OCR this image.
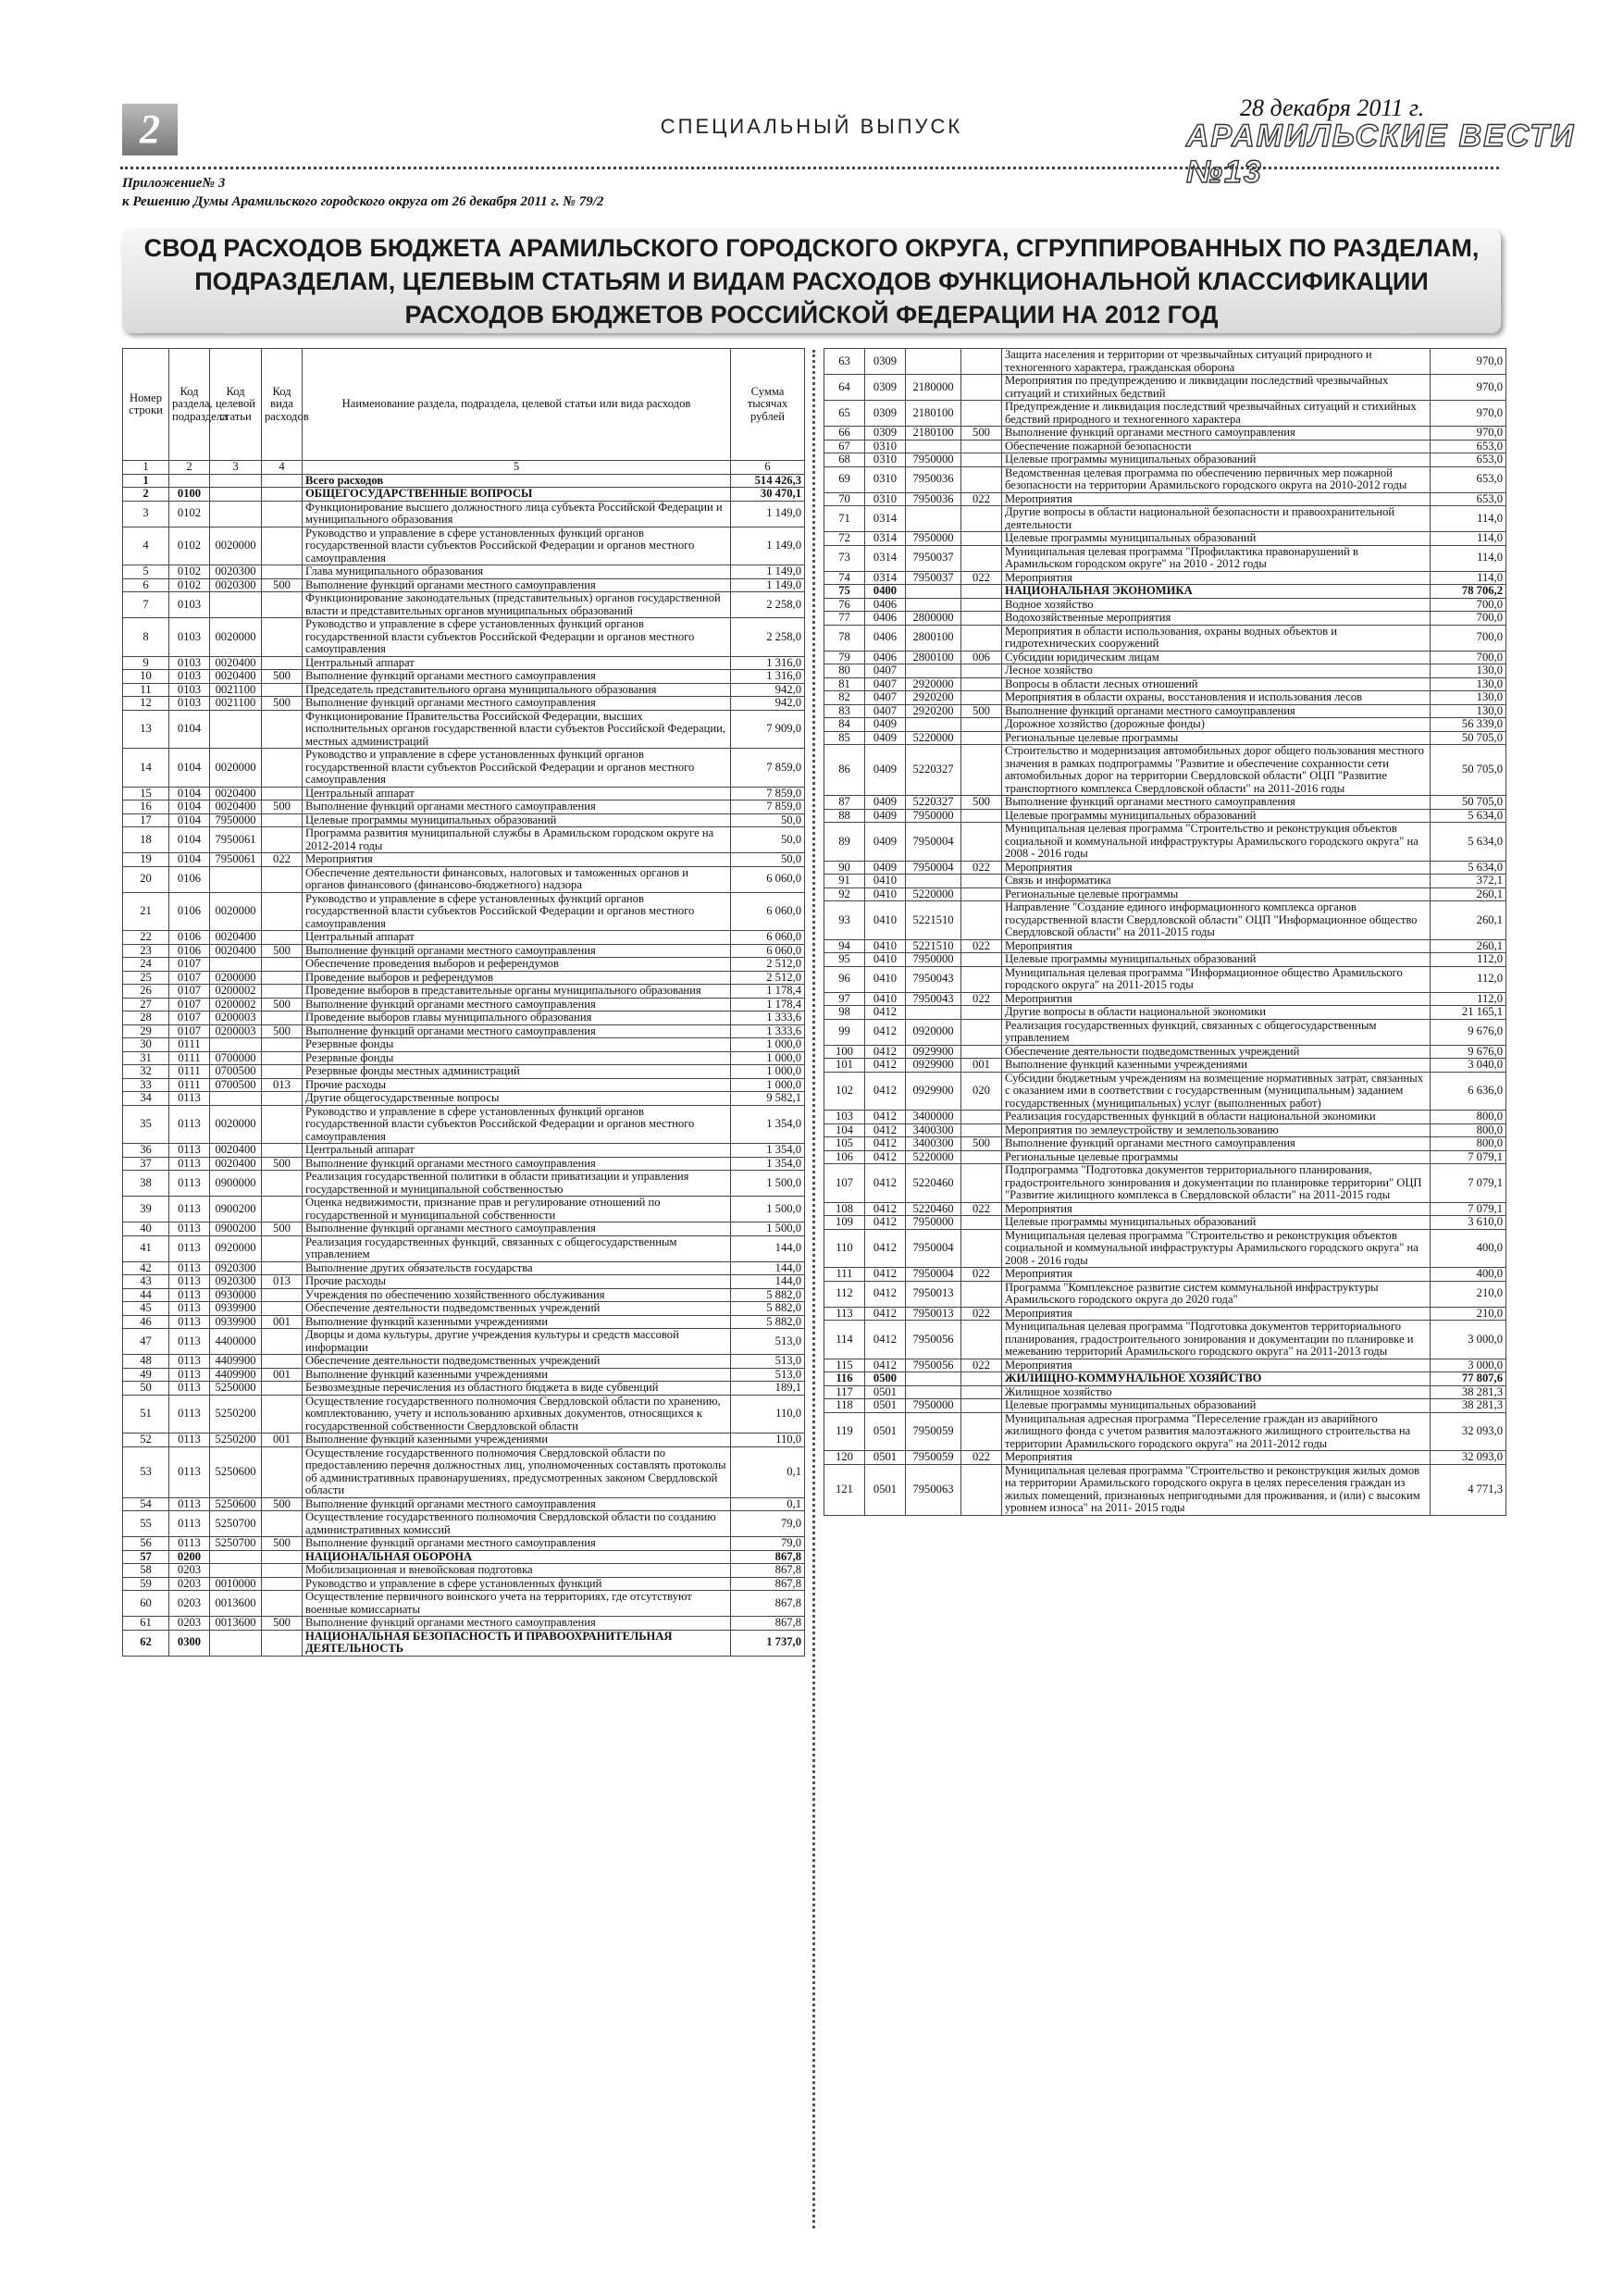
2	СПЕЦИАЛЬНЫЙ ВЫПУСК
28 декабря 2011 г.
АРАМИЛЬСКИЕ ВЕСТИ №13
Приложение№ 3
к Решению Думы Арамильского городского округа от 26 декабря 2011 г. № 79/2
СВОД РАСХОДОВ БЮДЖЕТА АРАМИЛЬСКОГО ГОРОДСКОГО ОКРУГА, СГРУППИРОВАННЫХ ПО РАЗДЕЛАМ, ПОДРАЗДЕЛАМ, ЦЕЛЕВЫМ СТАТЬЯМ И ВИДАМ РАСХОДОВ ФУНКЦИОНАЛЬНОЙ КЛАССИФИКАЦИИ РАСХОДОВ БЮДЖЕТОВ РОССИЙСКОЙ ФЕДЕРАЦИИ НА 2012 ГОД
Номер строки	Код раздела, подраздела	Код целевой статьи	Код вида расходов	Наименование раздела, подраздела, целевой статьи или вида расходов	Сумма тысячах рублей
1	2	3	4	5	6
1				Всего расходов	514 426,3
2	0100			ОБЩЕГОСУДАРСТВЕННЫЕ ВОПРОСЫ	30 470,1
3	0102			Функционирование высшего должностного лица субъекта Российской Федерации и муниципального образования	1 149,0
4	0102	0020000		Руководство и управление в сфере установленных функций органов государственной власти субъектов Российской Федерации и органов местного самоуправления	1 149,0
5	0102	0020300		Глава муниципального образования	1 149,0
6	0102	0020300	500	Выполнение функций органами местного самоуправления	1 149,0
7	0103			Функционирование законодательных (представительных) органов государственной власти и представительных органов муниципальных образований	2 258,0
8	0103	0020000		Руководство и управление в сфере установленных функций органов государственной власти субъектов Российской Федерации и органов местного самоуправления	2 258,0
9	0103	0020400		Центральный аппарат	1 316,0
10	0103	0020400	500	Выполнение функций органами местного самоуправления	1 316,0
11	0103	0021100		Председатель представительного органа муниципального образования	942,0
12	0103	0021100	500	Выполнение функций органами местного самоуправления	942,0
13	0104			Функционирование Правительства Российской Федерации, высших исполнительных органов государственной власти субъектов Российской Федерации, местных администраций	7 909,0
14	0104	0020000		Руководство и управление в сфере установленных функций органов государственной власти субъектов Российской Федерации и органов местного самоуправления	7 859,0
15	0104	0020400		Центральный аппарат	7 859,0
16	0104	0020400	500	Выполнение функций органами местного самоуправления	7 859,0
17	0104	7950000		Целевые программы муниципальных образований	50,0
18	0104	7950061		Программа развития муниципальной службы в Арамильском городском округе на 2012-2014 годы	50,0
19	0104	7950061	022	Мероприятия	50,0
20	0106			Обеспечение деятельности финансовых, налоговых и таможенных органов и органов финансового (финансово-бюджетного) надзора	6 060,0
21	0106	0020000		Руководство и управление в сфере установленных функций органов государственной власти субъектов Российской Федерации и органов местного самоуправления	6 060,0
22	0106	0020400		Центральный аппарат	6 060,0
23	0106	0020400	500	Выполнение функций органами местного самоуправления	6 060,0
24	0107			Обеспечение проведения выборов и референдумов	2 512,0
25	0107	0200000		Проведение выборов и референдумов	2 512,0
26	0107	0200002		Проведение выборов в представительные органы муниципального образования	1 178,4
27	0107	0200002	500	Выполнение функций органами местного самоуправления	1 178,4
28	0107	0200003		Проведение выборов главы муниципального образования	1 333,6
29	0107	0200003	500	Выполнение функций органами местного самоуправления	1 333,6
30	0111			Резервные фонды	1 000,0
31	0111	0700000		Резервные фонды	1 000,0
32	0111	0700500		Резервные фонды местных администраций	1 000,0
33	0111	0700500	013	Прочие расходы	1 000,0
34	0113			Другие общегосударственные вопросы	9 582,1
35	0113	0020000		Руководство и управление в сфере установленных функций органов государственной власти субъектов Российской Федерации и органов местного самоуправления	1 354,0
36	0113	0020400		Центральный аппарат	1 354,0
37	0113	0020400	500	Выполнение функций органами местного самоуправления	1 354,0
38	0113	0900000		Реализация государственной политики в области приватизации и управления государственной и муниципальной собственностью	1 500,0
39	0113	0900200		Оценка недвижимости, признание прав и регулирование отношений по государственной и муниципальной собственности	1 500,0
40	0113	0900200	500	Выполнение функций органами местного самоуправления	1 500,0
41	0113	0920000		Реализация государственных функций, связанных с общегосударственным управлением	144,0
42	0113	0920300		Выполнение других обязательств государства	144,0
43	0113	0920300	013	Прочие расходы	144,0
44	0113	0930000		Учреждения по обеспечению хозяйственного обслуживания	5 882,0
45	0113	0939900		Обеспечение деятельности подведомственных учреждений	5 882,0
46	0113	0939900	001	Выполнение функций казенными учреждениями	5 882,0
47	0113	4400000		Дворцы и дома культуры, другие учреждения культуры и средств массовой информации	513,0
48	0113	4409900		Обеспечение деятельности подведомственных учреждений	513,0
49	0113	4409900	001	Выполнение функций казенными учреждениями	513,0
50	0113	5250000		Безвозмездные перечисления из областного бюджета в виде субвенций	189,1
51	0113	5250200		Осуществление государственного полномочия Свердловской области по хранению, комплектованию, учету и использованию архивных документов, относящихся к государственной собственности Свердловской области	110,0
52	0113	5250200	001	Выполнение функций казенными учреждениями	110,0
53	0113	5250600		Осуществление государственного полномочия Свердловской области по предоставлению перечня должностных лиц, уполномоченных составлять протоколы об административных правонарушениях, предусмотренных законом Свердловской области	0,1
54	0113	5250600	500	Выполнение функций органами местного самоуправления	0,1
55	0113	5250700		Осуществление государственного полномочия Свердловской области по созданию административных комиссий	79,0
56	0113	5250700	500	Выполнение функций органами местного самоуправления	79,0
57	0200			НАЦИОНАЛЬНАЯ ОБОРОНА	867,8
58	0203			Мобилизационная и вневойсковая подготовка	867,8
59	0203	0010000		Руководство и управление в сфере установленных функций	867,8
60	0203	0013600		Осуществление первичного воинского учета на территориях, где отсутствуют военные комиссариаты	867,8
61	0203	0013600	500	Выполнение функций органами местного самоуправления	867,8
62	0300			НАЦИОНАЛЬНАЯ БЕЗОПАСНОСТЬ И ПРАВООХРАНИТЕЛЬНАЯ ДЕЯТЕЛЬНОСТЬ	1 737,0
63	0309			Защита населения и территории от чрезвычайных ситуаций природного и техногенного характера, гражданская оборона	970,0
64	0309	2180000		Мероприятия по предупреждению и ликвидации последствий чрезвычайных ситуаций и стихийных бедствий	970,0
65	0309	2180100		Предупреждение и ликвидация последствий чрезвычайных ситуаций и стихийных бедствий природного и техногенного характера	970,0
66	0309	2180100	500	Выполнение функций органами местного самоуправления	970,0
67	0310			Обеспечение пожарной безопасности	653,0
68	0310	7950000		Целевые программы муниципальных образований	653,0
69	0310	7950036		Ведомственная целевая программа по обеспечению первичных мер пожарной безопасности на территории Арамильского городского округа на 2010-2012 годы	653,0
70	0310	7950036	022	Мероприятия	653,0
71	0314			Другие вопросы в области национальной безопасности и правоохранительной деятельности	114,0
72	0314	7950000		Целевые программы муниципальных образований	114,0
73	0314	7950037		Муниципальная целевая программа "Профилактика правонарушений в Арамильском городском округе" на 2010 - 2012 годы	114,0
74	0314	7950037	022	Мероприятия	114,0
75	0400			НАЦИОНАЛЬНАЯ ЭКОНОМИКА	78 706,2
76	0406			Водное хозяйство	700,0
77	0406	2800000		Водохозяйственные мероприятия	700,0
78	0406	2800100		Мероприятия в области использования, охраны водных объектов и гидротехнических сооружений	700,0
79	0406	2800100	006	Субсидии юридическим лицам	700,0
80	0407			Лесное хозяйство	130,0
81	0407	2920000		Вопросы в области лесных отношений	130,0
82	0407	2920200		Мероприятия в области охраны, восстановления и использования лесов	130,0
83	0407	2920200	500	Выполнение функций органами местного самоуправления	130,0
84	0409			Дорожное хозяйство (дорожные фонды)	56 339,0
85	0409	5220000		Региональные целевые программы	50 705,0
86	0409	5220327		Строительство и модернизация автомобильных дорог общего пользования местного значения в рамках подпрограммы "Развитие и обеспечение сохранности сети автомобильных дорог на территории Свердловской области" ОЦП "Развитие транспортного комплекса Свердловской области" на 2011-2016 годы	50 705,0
87	0409	5220327	500	Выполнение функций органами местного самоуправления	50 705,0
88	0409	7950000		Целевые программы муниципальных образований	5 634,0
89	0409	7950004		Муниципальная целевая программа "Строительство и реконструкция объектов социальной и коммунальной инфраструктуры Арамильского городского округа" на 2008 - 2016 годы	5 634,0
90	0409	7950004	022	Мероприятия	5 634,0
91	0410			Связь и информатика	372,1
92	0410	5220000		Региональные целевые программы	260,1
93	0410	5221510		Направление "Создание единого информационного комплекса органов государственной власти Свердловской области" ОЦП "Информационное общество Свердловской области" на 2011-2015 годы	260,1
94	0410	5221510	022	Мероприятия	260,1
95	0410	7950000		Целевые программы муниципальных образований	112,0
96	0410	7950043		Муниципальная целевая программа "Информационное общество Арамильского городского округа" на 2011-2015 годы	112,0
97	0410	7950043	022	Мероприятия	112,0
98	0412			Другие вопросы в области национальной экономики	21 165,1
99	0412	0920000		Реализация государственных функций, связанных с общегосударственным управлением	9 676,0
100	0412	0929900		Обеспечение деятельности подведомственных учреждений	9 676,0
101	0412	0929900	001	Выполнение функций казенными учреждениями	3 040,0
102	0412	0929900	020	Субсидии бюджетным учреждениям на возмещение нормативных затрат, связанных с оказанием ими в соответствии с государственным (муниципальным) заданием государственных (муниципальных) услуг (выполненных работ)	6 636,0
103	0412	3400000		Реализация государственных функций в области национальной экономики	800,0
104	0412	3400300		Мероприятия по землеустройству и землепользованию	800,0
105	0412	3400300	500	Выполнение функций органами местного самоуправления	800,0
106	0412	5220000		Региональные целевые программы	7 079,1
107	0412	5220460		Подпрограмма "Подготовка документов территориального планирования, градостроительного зонирования и документации по планировке территории" ОЦП "Развитие жилищного комплекса в Свердловской области" на 2011-2015 годы	7 079,1
108	0412	5220460	022	Мероприятия	7 079,1
109	0412	7950000		Целевые программы муниципальных образований	3 610,0
110	0412	7950004		Муниципальная целевая программа "Строительство и реконструкция объектов социальной и коммунальной инфраструктуры Арамильского городского округа" на 2008 - 2016 годы	400,0
111	0412	7950004	022	Мероприятия	400,0
112	0412	7950013		Программа "Комплексное развитие систем коммунальной инфраструктуры Арамильского городского округа до 2020 года"	210,0
113	0412	7950013	022	Мероприятия	210,0
114	0412	7950056		Муниципальная целевая программа "Подготовка документов территориального планирования, градостроительного зонирования и документации по планировке и межеванию территорий Арамильского городского округа" на 2011-2013 годы	3 000,0
115	0412	7950056	022	Мероприятия	3 000,0
116	0500			ЖИЛИЩНО-КОММУНАЛЬНОЕ ХОЗЯЙСТВО	77 807,6
117	0501			Жилищное хозяйство	38 281,3
118	0501	7950000		Целевые программы муниципальных образований	38 281,3
119	0501	7950059		Муниципальная адресная программа "Переселение граждан из аварийного жилищного фонда с учетом развития малоэтажного жилищного строительства на территории Арамильского городского округа" на 2011-2012 годы	32 093,0
120	0501	7950059	022	Мероприятия	32 093,0
121	0501	7950063		Муниципальная целевая программа "Строительство и реконструкция жилых домов на территории Арамильского городского округа в целях переселения граждан из жилых помещений, признанных непригодными для проживания, и (или) с высоким уровнем износа" на 2011- 2015 годы	4 771,3
